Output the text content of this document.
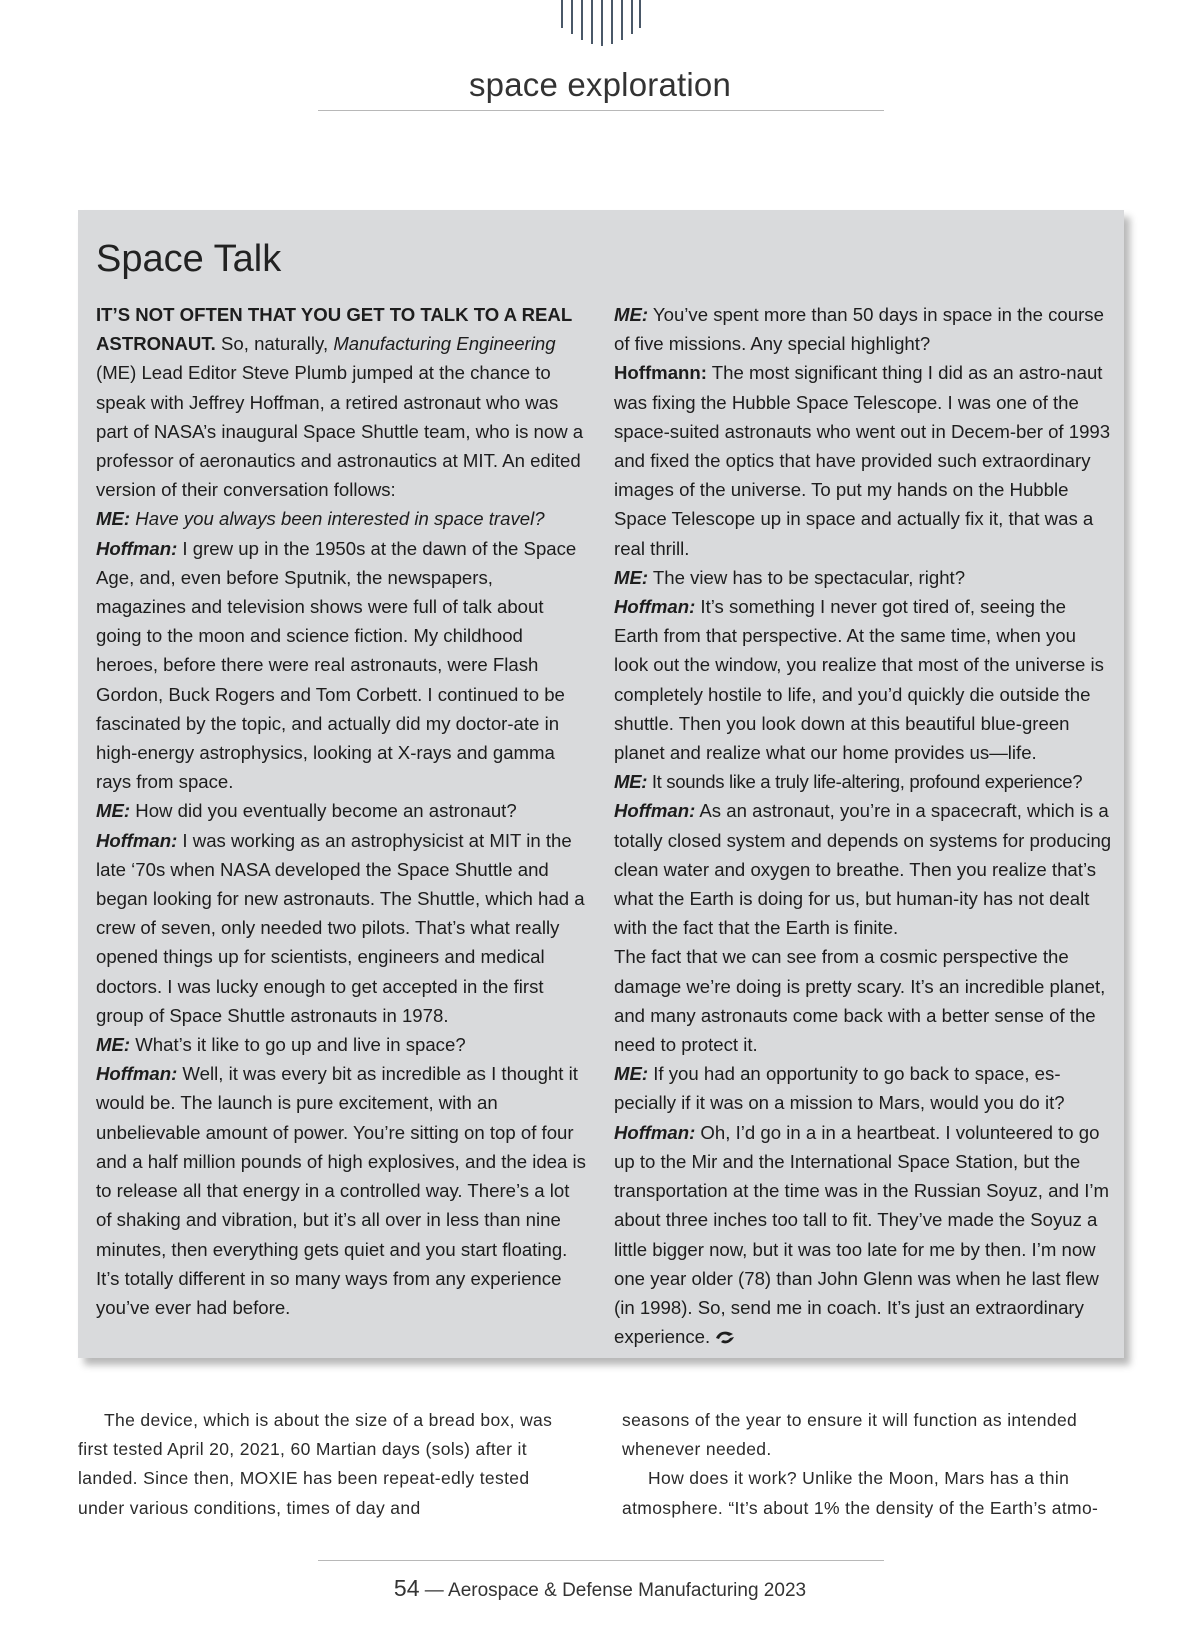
space exploration
Space Talk

IT’S NOT OFTEN THAT YOU GET TO TALK TO A REAL ASTRONAUT. So, naturally, Manufacturing Engineering (ME) Lead Editor Steve Plumb jumped at the chance to speak with Jeffrey Hoffman, a retired astronaut who was part of NASA’s inaugural Space Shuttle team, who is now a professor of aeronautics and astronautics at MIT. An edited version of their conversation follows:

ME: Have you always been interested in space travel?

Hoffman: I grew up in the 1950s at the dawn of the Space Age, and, even before Sputnik, the newspapers, magazines and television shows were full of talk about going to the moon and science fiction. My childhood heroes, before there were real astronauts, were Flash Gordon, Buck Rogers and Tom Corbett. I continued to be fascinated by the topic, and actually did my doctor-ate in high-energy astrophysics, looking at X-rays and gamma rays from space.

ME: How did you eventually become an astronaut?

Hoffman: I was working as an astrophysicist at MIT in the late ‘70s when NASA developed the Space Shuttle and began looking for new astronauts. The Shuttle, which had a crew of seven, only needed two pilots. That’s what really opened things up for scientists, engineers and medical doctors. I was lucky enough to get accepted in the first group of Space Shuttle astronauts in 1978.

ME: What’s it like to go up and live in space?

Hoffman: Well, it was every bit as incredible as I thought it would be. The launch is pure excitement, with an unbelievable amount of power. You’re sitting on top of four and a half million pounds of high explosives, and the idea is to release all that energy in a controlled way. There’s a lot of shaking and vibration, but it’s all over in less than nine minutes, then everything gets quiet and you start floating. It’s totally different in so many ways from any experience you’ve ever had before.

ME: You’ve spent more than 50 days in space in the course of five missions. Any special highlight?

Hoffmann: The most significant thing I did as an astro-naut was fixing the Hubble Space Telescope. I was one of the space-suited astronauts who went out in Decem-ber of 1993 and fixed the optics that have provided such extraordinary images of the universe. To put my hands on the Hubble Space Telescope up in space and actually fix it, that was a real thrill.

ME: The view has to be spectacular, right?

Hoffman: It’s something I never got tired of, seeing the Earth from that perspective. At the same time, when you look out the window, you realize that most of the universe is completely hostile to life, and you’d quickly die outside the shuttle. Then you look down at this beautiful blue-green planet and realize what our home provides us—life.

ME: It sounds like a truly life-altering, profound experience?

Hoffman: As an astronaut, you’re in a spacecraft, which is a totally closed system and depends on systems for producing clean water and oxygen to breathe. Then you realize that’s what the Earth is doing for us, but human-ity has not dealt with the fact that the Earth is finite.

The fact that we can see from a cosmic perspective the damage we’re doing is pretty scary. It’s an incredible planet, and many astronauts come back with a better sense of the need to protect it.

ME: If you had an opportunity to go back to space, es-pecially if it was on a mission to Mars, would you do it?

Hoffman: Oh, I’d go in a in a heartbeat. I volunteered to go up to the Mir and the International Space Station, but the transportation at the time was in the Russian Soyuz, and I’m about three inches too tall to fit. They’ve made the Soyuz a little bigger now, but it was too late for me by then. I’m now one year older (78) than John Glenn was when he last flew (in 1998). So, send me in coach. It’s just an extraordinary experience.

The device, which is about the size of a bread box, was first tested April 20, 2021, 60 Martian days (sols) after it landed. Since then, MOXIE has been repeat-edly tested under various conditions, times of day and

seasons of the year to ensure it will function as intended whenever needed.

How does it work? Unlike the Moon, Mars has a thin atmosphere. “It’s about 1% the density of the Earth’s atmo-

54 — Aerospace & Defense Manufacturing 2023
